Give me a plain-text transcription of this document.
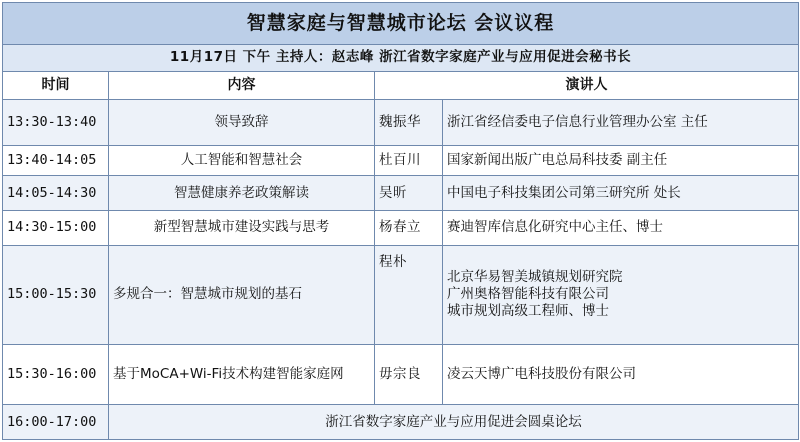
智慧家庭与智慧城市论坛 会议议程			
11月17日 下午 主持人：赵志峰 浙江省数字家庭产业与应用促进会秘书长			
时间	内容	演讲人	
13:30-13:40	领导致辞	魏振华	浙江省经信委电子信息行业管理办公室 主任

13:40-14:05	人工智能和智慧社会	杜百川	国家新闻出版广电总局科技委 副主任

14:05-14:30	智慧健康养老政策解读	吴昕	中国电子科技集团公司第三研究所 处长

14:30-15:00	新型智慧城市建设实践与思考	杨春立	赛迪智库信息化研究中心主任、博士

15:00-15:30	多规合一：智慧城市规划的基石	程朴	北京华易智美城镇规划研究院
广州奥格智能科技有限公司
城市规划高级工程师、博士

15:30-16:00	基于MoCA+Wi-Fi技术构建智能家庭网	毋宗良	凌云天博广电科技股份有限公司

16:00-17:00	浙江省数字家庭产业与应用促进会圆桌论坛		
